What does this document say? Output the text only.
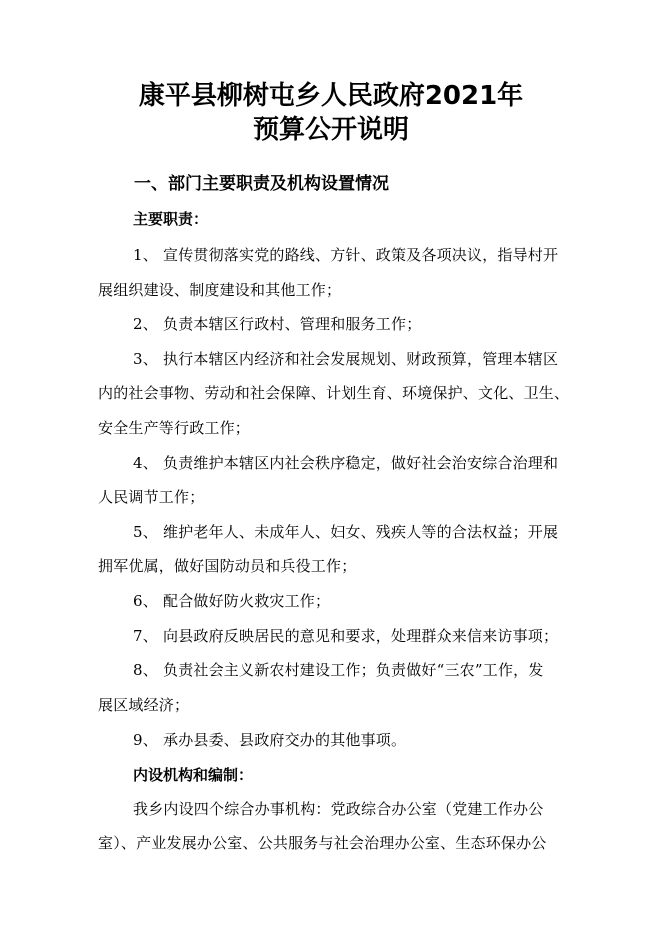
康平县柳树屯乡人民政府2021年
预算公开说明
一、部门主要职责及机构设置情况
主要职责：
1、 宣传贯彻落实党的路线、方针、政策及各项决议，指导村开
展组织建设、制度建设和其他工作；
2、 负责本辖区行政村、管理和服务工作；
3、 执行本辖区内经济和社会发展规划、财政预算，管理本辖区
内的社会事物、劳动和社会保障、计划生育、环境保护、文化、卫生、
安全生产等行政工作；
4、 负责维护本辖区内社会秩序稳定，做好社会治安综合治理和
人民调节工作；
5、 维护老年人、未成年人、妇女、残疾人等的合法权益；开展
拥军优属，做好国防动员和兵役工作；
6、 配合做好防火救灾工作；
7、 向县政府反映居民的意见和要求，处理群众来信来访事项；
8、 负责社会主义新农村建设工作；负责做好“三农”工作，发
展区域经济；
9、 承办县委、县政府交办的其他事项。
内设机构和编制：
我乡内设四个综合办事机构：党政综合办公室（党建工作办公
室）、产业发展办公室、公共服务与社会治理办公室、生态环保办公
